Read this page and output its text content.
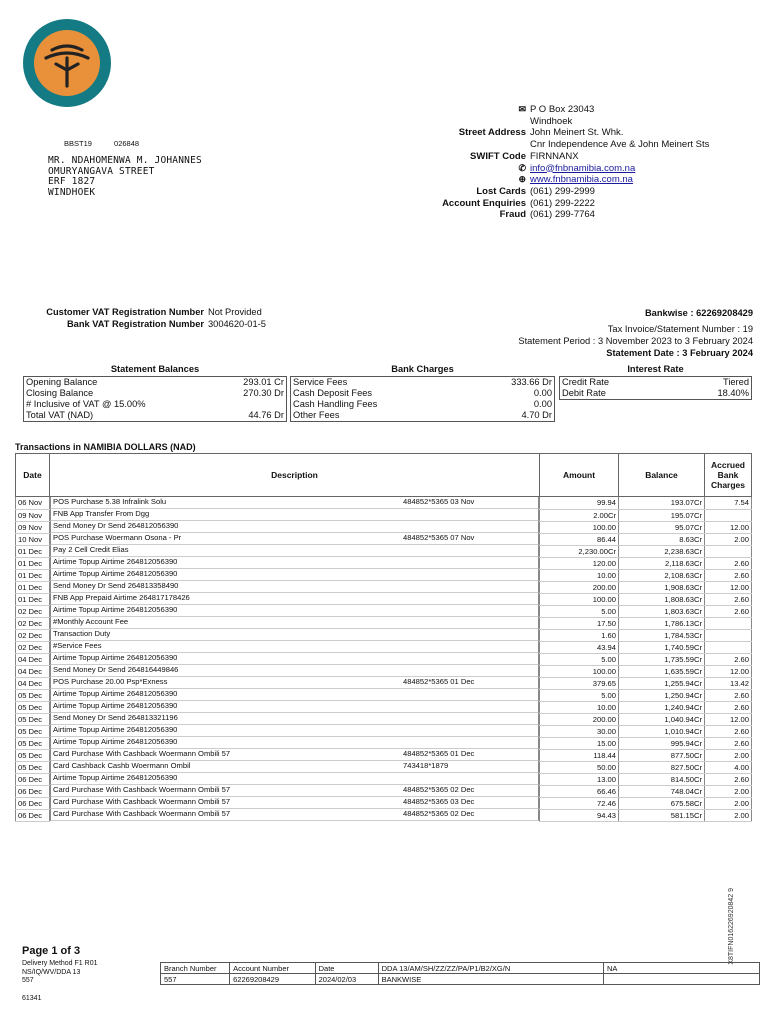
✉ P O Box 23043
Windhoek
Street Address John Meinert St. Whk.
Cnr Independence Ave & John Meinert Sts
SWIFT Code FIRNNANX
✆ info@fnbnamibia.com.na
⊕ www.fnbnamibia.com.na
Lost Cards (061) 299-2999
Account Enquiries (061) 299-2222
Fraud (061) 299-7764
BBST19	026848
MR. NDAHOMENWA M. JOHANNES
OMURYANGAVA STREET
ERF 1827
WINDHOEK
Customer VAT Registration Number Not Provided
Bank VAT Registration Number 3004620-01-5
Bankwise : 62269208429
Tax Invoice/Statement Number : 19
Statement Period : 3 November 2023 to 3 February 2024
Statement Date : 3 February 2024
Statement Balances
Opening Balance	293.01 Cr
Closing Balance	270.30 Dr
# Inclusive of VAT @ 15.00%
Total VAT (NAD)	44.76 Dr
Bank Charges
Service Fees	333.66 Dr
Cash Deposit Fees	0.00
Cash Handling Fees	0.00
Other Fees	4.70 Dr
Interest Rate
Credit Rate	Tiered
Debit Rate	18.40%
Transactions in NAMIBIA DOLLARS (NAD)
Date	Description	Amount	Balance	Accrued Bank Charges
06 Nov	POS Purchase 5.38 Infralink Solu	484852*5365 03 Nov	99.94	193.07Cr	7.54
09 Nov	FNB App Transfer From Dgg	2.00Cr	195.07Cr	
09 Nov	Send Money Dr Send 264812056390	100.00	95.07Cr	12.00
10 Nov	POS Purchase Woermann Osona - Pr	484852*5365 07 Nov	86.44	8.63Cr	2.00
01 Dec	Pay 2 Cell Credit Elias	2,230.00Cr	2,238.63Cr	
01 Dec	Airtime Topup Airtime 264812056390	120.00	2,118.63Cr	2.60
01 Dec	Airtime Topup Airtime 264812056390	10.00	2,108.63Cr	2.60
01 Dec	Send Money Dr Send 264813358490	200.00	1,908.63Cr	12.00
01 Dec	FNB App Prepaid Airtime 264817178426	100.00	1,808.63Cr	2.60
02 Dec	Airtime Topup Airtime 264812056390	5.00	1,803.63Cr	2.60
02 Dec	#Monthly Account Fee	17.50	1,786.13Cr	
02 Dec	Transaction Duty	1.60	1,784.53Cr	
02 Dec	#Service Fees	43.94	1,740.59Cr	
04 Dec	Airtime Topup Airtime 264812056390	5.00	1,735.59Cr	2.60
04 Dec	Send Money Dr Send 264816449846	100.00	1,635.59Cr	12.00
04 Dec	POS Purchase 20.00 Psp*Exness	484852*5365 01 Dec	379.65	1,255.94Cr	13.42
05 Dec	Airtime Topup Airtime 264812056390	5.00	1,250.94Cr	2.60
05 Dec	Airtime Topup Airtime 264812056390	10.00	1,240.94Cr	2.60
05 Dec	Send Money Dr Send 264813321196	200.00	1,040.94Cr	12.00
05 Dec	Airtime Topup Airtime 264812056390	30.00	1,010.94Cr	2.60
05 Dec	Airtime Topup Airtime 264812056390	15.00	995.94Cr	2.60
05 Dec	Card Purchase With Cashback Woermann Ombili 57	484852*5365 01 Dec	118.44	877.50Cr	2.00
05 Dec	Card Cashback Cashb Woermann Ombil	743418*1879	50.00	827.50Cr	4.00
06 Dec	Airtime Topup Airtime 264812056390	13.00	814.50Cr	2.60
06 Dec	Card Purchase With Cashback Woermann Ombili 57	484852*5365 02 Dec	66.46	748.04Cr	2.00
06 Dec	Card Purchase With Cashback Woermann Ombili 57	484852*5365 03 Dec	72.46	675.58Cr	2.00
06 Dec	Card Purchase With Cashback Woermann Ombili 57	484852*5365 02 Dec	94.43	581.15Cr	2.00
Page 1 of 3
Delivery Method F1 R01
NS/IQ/WV/DDA 13
557
61341
Branch Number	Account Number	Date	DDA 13/AM/SH/ZZ/ZZ/PA/P1/B2/XG/N	NA
557	62269208429	2024/02/03	BANKWISE	
X8TIFN016226920842 9
